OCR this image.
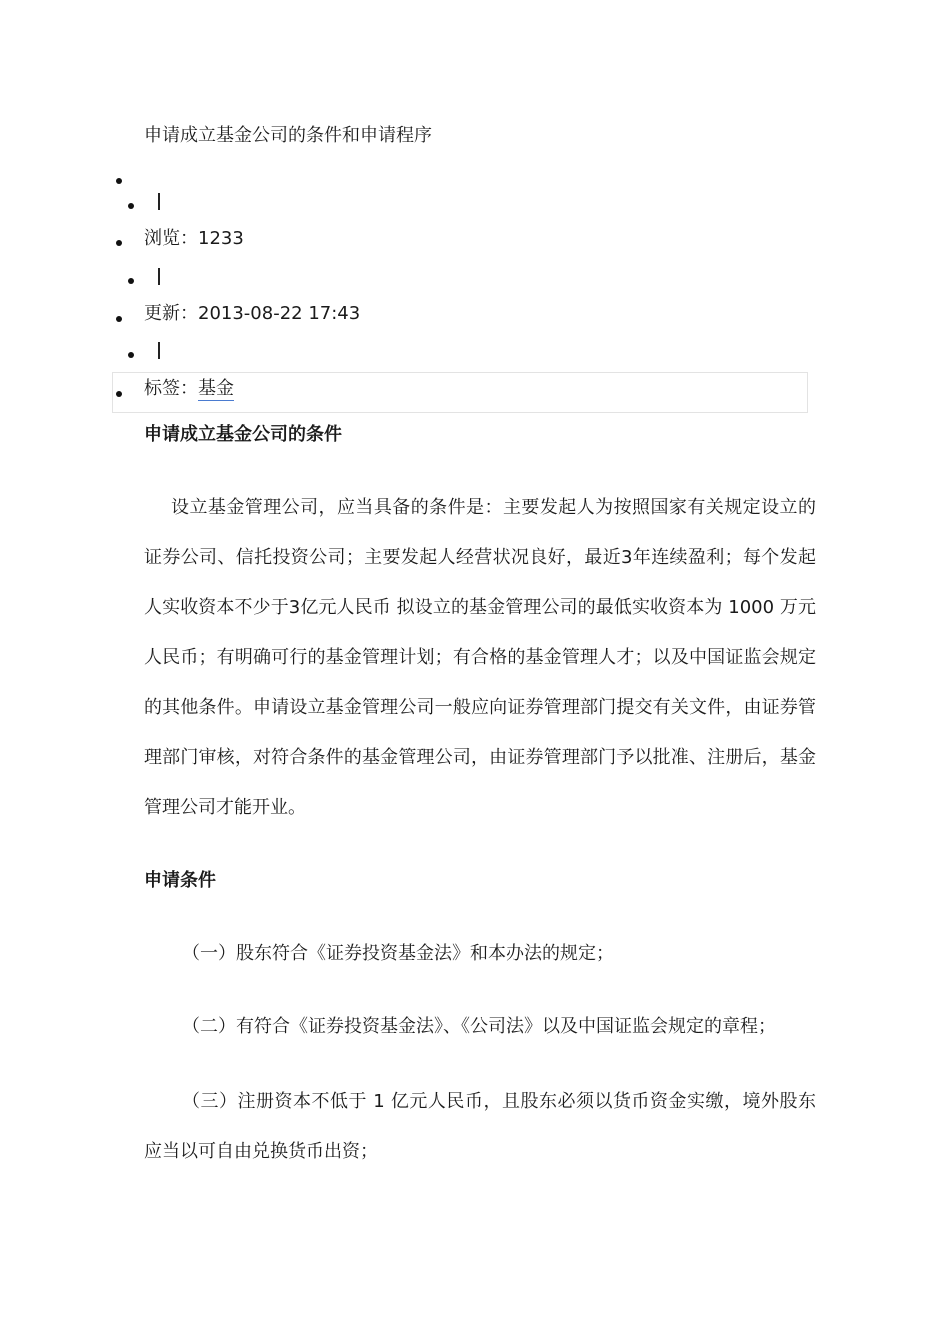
申请成立基金公司的条件和申请程序
浏览：1233
更新：2013-08-22 17:43
标签：基金
申请成立基金公司的条件
设立基金管理公司，应当具备的条件是：主要发起人为按照国家有关规定设立的证券公司、信托投资公司；主要发起人经营状况良好，最近3年连续盈利；每个发起人实收资本不少于3亿元人民币 拟设立的基金管理公司的最低实收资本为 1000 万元人民币；有明确可行的基金管理计划；有合格的基金管理人才；以及中国证监会规定的其他条件。申请设立基金管理公司一般应向证券管理部门提交有关文件，由证券管理部门审核，对符合条件的基金管理公司，由证券管理部门予以批准、注册后，基金管理公司才能开业。
申请条件
（一）股东符合《证券投资基金法》和本办法的规定；
（二）有符合《证券投资基金法》、《公司法》以及中国证监会规定的章程；
（三）注册资本不低于 1 亿元人民币，且股东必须以货币资金实缴，境外股东应当以可自由兑换货币出资；
